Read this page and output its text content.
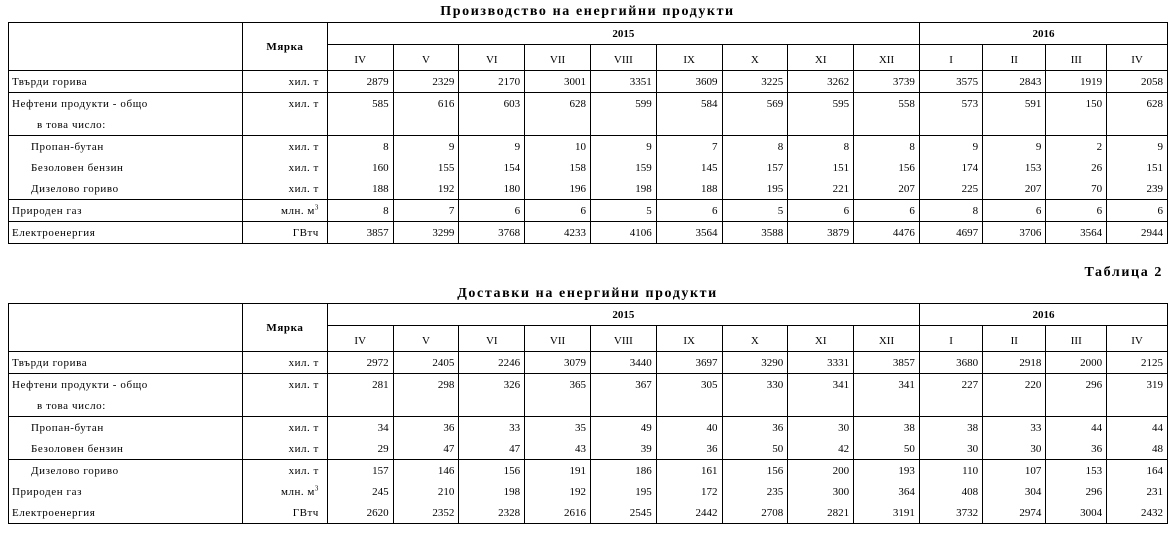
Производство на енергийни продукти
	Мярка	2015									2016			
		IV	V	VI	VII	VIII	IX	X	XI	XII	I	II	III	IV
Твърди горива	хил. т	2879	2329	2170	3001	3351	3609	3225	3262	3739	3575	2843	1919	2058
Нефтени продукти - общо	хил. т	585	616	603	628	599	584	569	595	558	573	591	150	628
в това число:														
Пропан-бутан	хил. т	8	9	9	10	9	7	8	8	8	9	9	2	9
Безоловен бензин	хил. т	160	155	154	158	159	145	157	151	156	174	153	26	151
Дизелово гориво	хил. т	188	192	180	196	198	188	195	221	207	225	207	70	239
Природен газ	млн. $м^3$	8	7	6	6	5	6	5	6	6	8	6	6	6
Електроенергия	ГВтч	3857	3299	3768	4233	4106	3564	3588	3879	4476	4697	3706	3564	2944
Таблица 2
Доставки на енергийни продукти
	Мярка	2015									2016			
		IV	V	VI	VII	VIII	IX	X	XI	XII	I	II	III	IV
Твърди горива	хил. т	2972	2405	2246	3079	3440	3697	3290	3331	3857	3680	2918	2000	2125
Нефтени продукти - общо	хил. т	281	298	326	365	367	305	330	341	341	227	220	296	319
в това число:														
Пропан-бутан	хил. т	34	36	33	35	49	40	36	30	38	38	33	44	44
Безоловен бензин	хил. т	29	47	47	43	39	36	50	42	50	30	30	36	48
Дизелово гориво	хил. т	157	146	156	191	186	161	156	200	193	110	107	153	164
Природен газ	млн. $м^3$	245	210	198	192	195	172	235	300	364	408	304	296	231
Електроенергия	ГВтч	2620	2352	2328	2616	2545	2442	2708	2821	3191	3732	2974	3004	2432
